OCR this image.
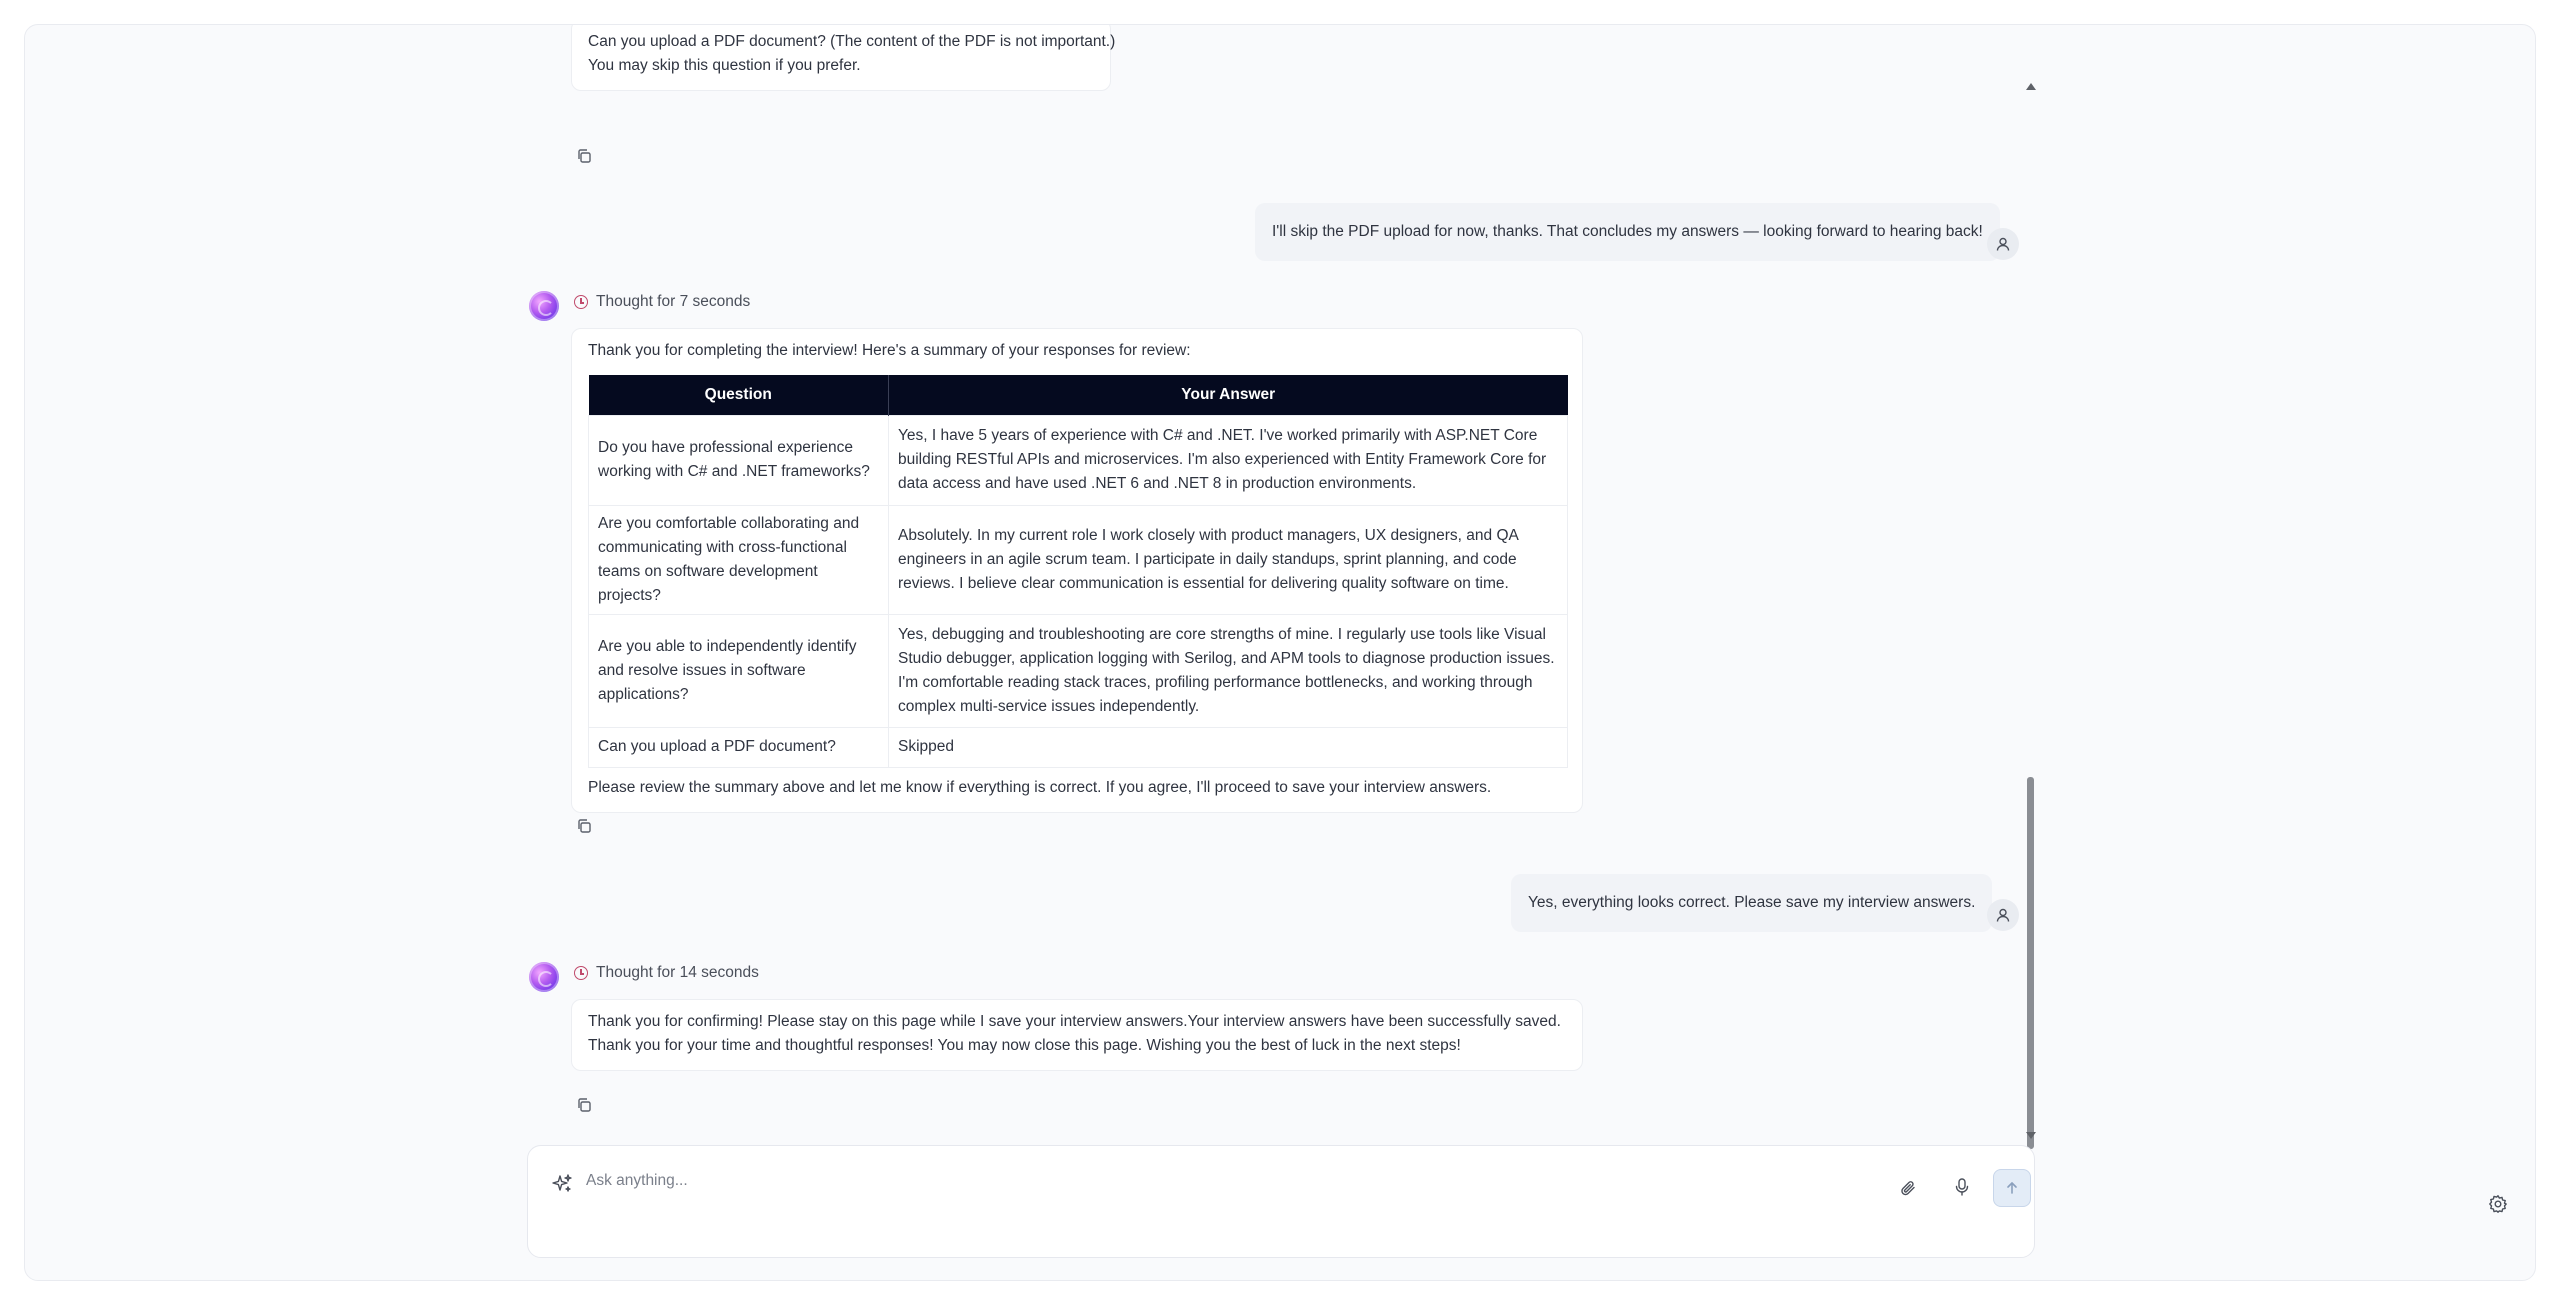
Can you upload a PDF document? (The content of the PDF is not important.)
You may skip this question if you prefer.
I'll skip the PDF upload for now, thanks. That concludes my answers — looking forward to hearing back!
Thought for 7 seconds
Thank you for completing the interview! Here's a summary of your responses for review:
Question	Your Answer
Do you have professional experience working with C# and .NET frameworks?	Yes, I have 5 years of experience with C# and .NET. I've worked primarily with ASP.NET Core building RESTful APIs and microservices. I'm also experienced with Entity Framework Core for data access and have used .NET 6 and .NET 8 in production environments.
Are you comfortable collaborating and communicating with cross-functional teams on software development projects?	Absolutely. In my current role I work closely with product managers, UX designers, and QA engineers in an agile scrum team. I participate in daily standups, sprint planning, and code reviews. I believe clear communication is essential for delivering quality software on time.
Are you able to independently identify and resolve issues in software applications?	Yes, debugging and troubleshooting are core strengths of mine. I regularly use tools like Visual Studio debugger, application logging with Serilog, and APM tools to diagnose production issues. I'm comfortable reading stack traces, profiling performance bottlenecks, and working through complex multi-service issues independently.
Can you upload a PDF document?	Skipped
Please review the summary above and let me know if everything is correct. If you agree, I'll proceed to save your interview answers.
Yes, everything looks correct. Please save my interview answers.
Thought for 14 seconds
Thank you for confirming! Please stay on this page while I save your interview answers.Your interview answers have been successfully saved.
Thank you for your time and thoughtful responses! You may now close this page. Wishing you the best of luck in the next steps!
Ask anything...
